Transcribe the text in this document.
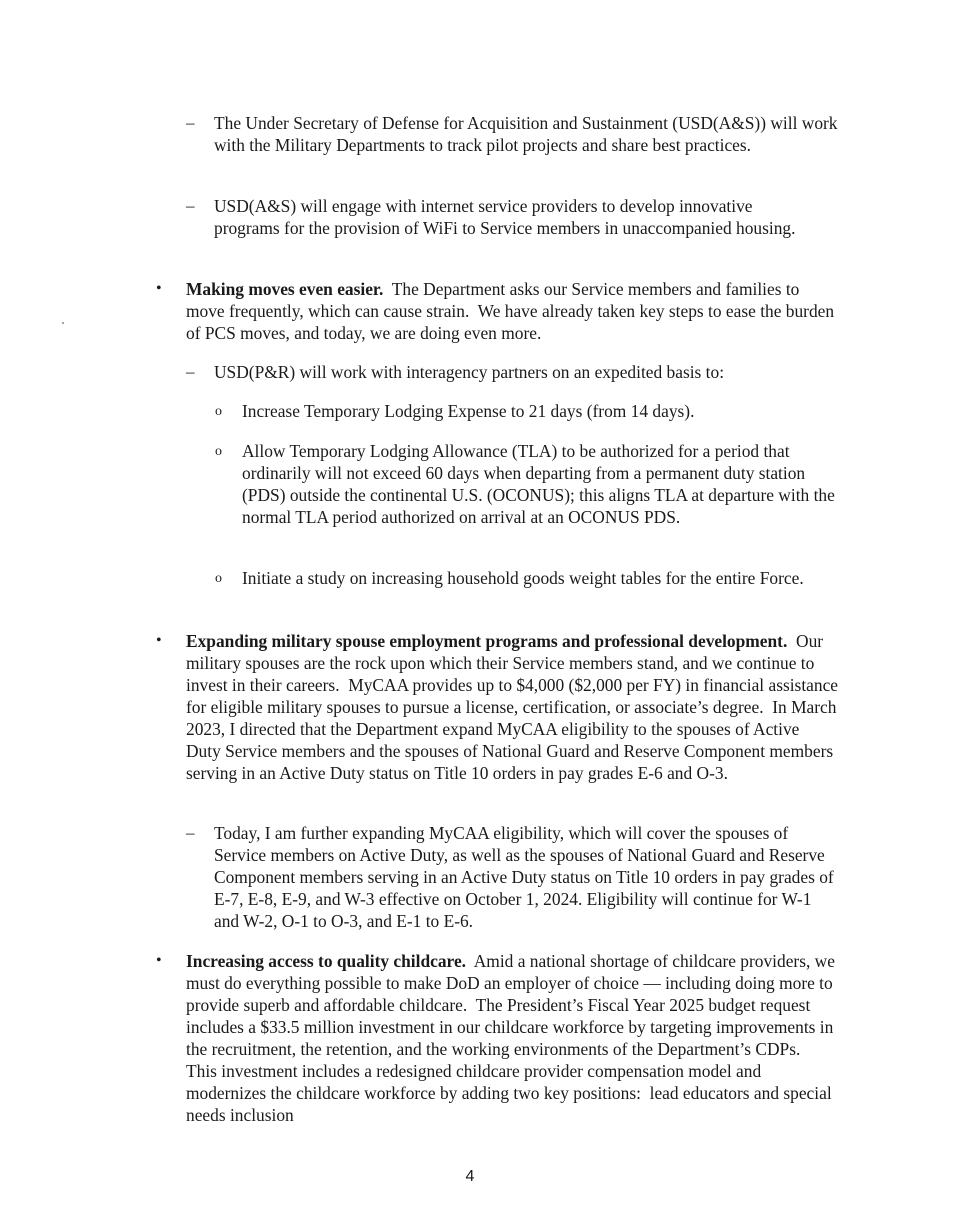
– The Under Secretary of Defense for Acquisition and Sustainment (USD(A&S)) will work with the Military Departments to track pilot projects and share best practices.
– USD(A&S) will engage with internet service providers to develop innovative programs for the provision of WiFi to Service members in unaccompanied housing.
• Making moves even easier.  The Department asks our Service members and families to move frequently, which can cause strain.  We have already taken key steps to ease the burden of PCS moves, and today, we are doing even more.
– USD(P&R) will work with interagency partners on an expedited basis to:
o Increase Temporary Lodging Expense to 21 days (from 14 days).
o Allow Temporary Lodging Allowance (TLA) to be authorized for a period that ordinarily will not exceed 60 days when departing from a permanent duty station (PDS) outside the continental U.S. (OCONUS); this aligns TLA at departure with the normal TLA period authorized on arrival at an OCONUS PDS.
o Initiate a study on increasing household goods weight tables for the entire Force.
• Expanding military spouse employment programs and professional development.  Our military spouses are the rock upon which their Service members stand, and we continue to invest in their careers.  MyCAA provides up to $4,000 ($2,000 per FY) in financial assistance for eligible military spouses to pursue a license, certification, or associate’s degree.  In March 2023, I directed that the Department expand MyCAA eligibility to the spouses of Active Duty Service members and the spouses of National Guard and Reserve Component members serving in an Active Duty status on Title 10 orders in pay grades E-6 and O-3.
– Today, I am further expanding MyCAA eligibility, which will cover the spouses of Service members on Active Duty, as well as the spouses of National Guard and Reserve Component members serving in an Active Duty status on Title 10 orders in pay grades of E-7, E-8, E-9, and W-3 effective on October 1, 2024. Eligibility will continue for W-1 and W-2, O-1 to O-3, and E-1 to E-6.
• Increasing access to quality childcare.  Amid a national shortage of childcare providers, we must do everything possible to make DoD an employer of choice — including doing more to provide superb and affordable childcare.  The President’s Fiscal Year 2025 budget request includes a $33.5 million investment in our childcare workforce by targeting improvements in the recruitment, the retention, and the working environments of the Department’s CDPs.  This investment includes a redesigned childcare provider compensation model and modernizes the childcare workforce by adding two key positions:  lead educators and special needs inclusion
4
